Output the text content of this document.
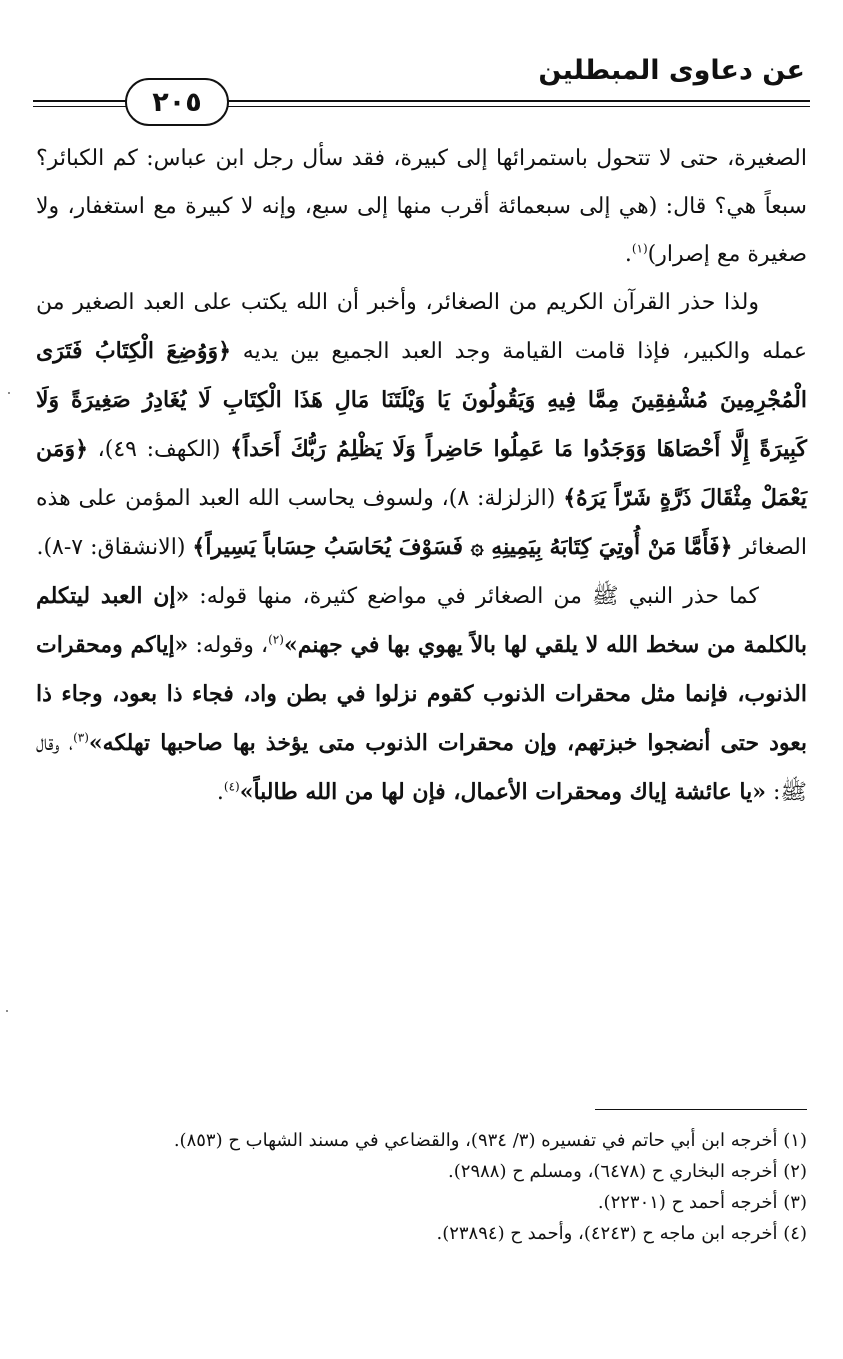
عن دعاوى المبطلين
٢٠٥

الصغيرة، حتى لا تتحول باستمرائها إلى كبيرة، فقد سأل رجل ابن عباس: كم الكبائر؟ سبعاً هي؟ قال: (هي إلى سبعمائة أقرب منها إلى سبع، وإنه لا كبيرة مع استغفار، ولا صغيرة مع إصرار)$^{(١)}$.

ولذا حذر القرآن الكريم من الصغائر، وأخبر أن الله يكتب على العبد الصغير من عمله والكبير، فإذا قامت القيامة وجد العبد الجميع بين يديه ﴿وَوُضِعَ الْكِتَابُ فَتَرَى الْمُجْرِمِينَ مُشْفِقِينَ مِمَّا فِيهِ وَيَقُولُونَ يَا وَيْلَتَنَا مَالِ هَذَا الْكِتَابِ لَا يُغَادِرُ صَغِيرَةً وَلَا كَبِيرَةً إِلَّا أَحْصَاهَا وَوَجَدُوا مَا عَمِلُوا حَاضِراً وَلَا يَظْلِمُ رَبُّكَ أَحَداً﴾ (الكهف: ٤٩)، ﴿وَمَن يَعْمَلْ مِثْقَالَ ذَرَّةٍ شَرّاً يَرَهُ﴾ (الزلزلة: ٨)، ولسوف يحاسب الله العبد المؤمن على هذه الصغائر ﴿فَأَمَّا مَنْ أُوتِيَ كِتَابَهُ بِيَمِينِهِ ۞ فَسَوْفَ يُحَاسَبُ حِسَاباً يَسِيراً﴾ (الانشقاق: ٧-٨).

كما حذر النبي ﷺ من الصغائر في مواضع كثيرة، منها قوله: «إن العبد ليتكلم بالكلمة من سخط الله لا يلقي لها بالاً يهوي بها في جهنم»$^{(٢)}$، وقوله: «إياكم ومحقرات الذنوب، فإنما مثل محقرات الذنوب كقوم نزلوا في بطن واد، فجاء ذا بعود، وجاء ذا بعود حتى أنضجوا خبزتهم، وإن محقرات الذنوب متى يؤخذ بها صاحبها تهلكه»$^{(٣)}$، وقال ﷺ: «يا عائشة إياك ومحقرات الأعمال، فإن لها من الله طالباً»$^{(٤)}$.

(١) أخرجه ابن أبي حاتم في تفسيره (٣/ ٩٣٤)، والقضاعي في مسند الشهاب ح (٨٥٣).

(٢) أخرجه البخاري ح (٦٤٧٨)، ومسلم ح (٢٩٨٨).

(٣) أخرجه أحمد ح (٢٢٣٠١).

(٤) أخرجه ابن ماجه ح (٤٢٤٣)، وأحمد ح (٢٣٨٩٤).
